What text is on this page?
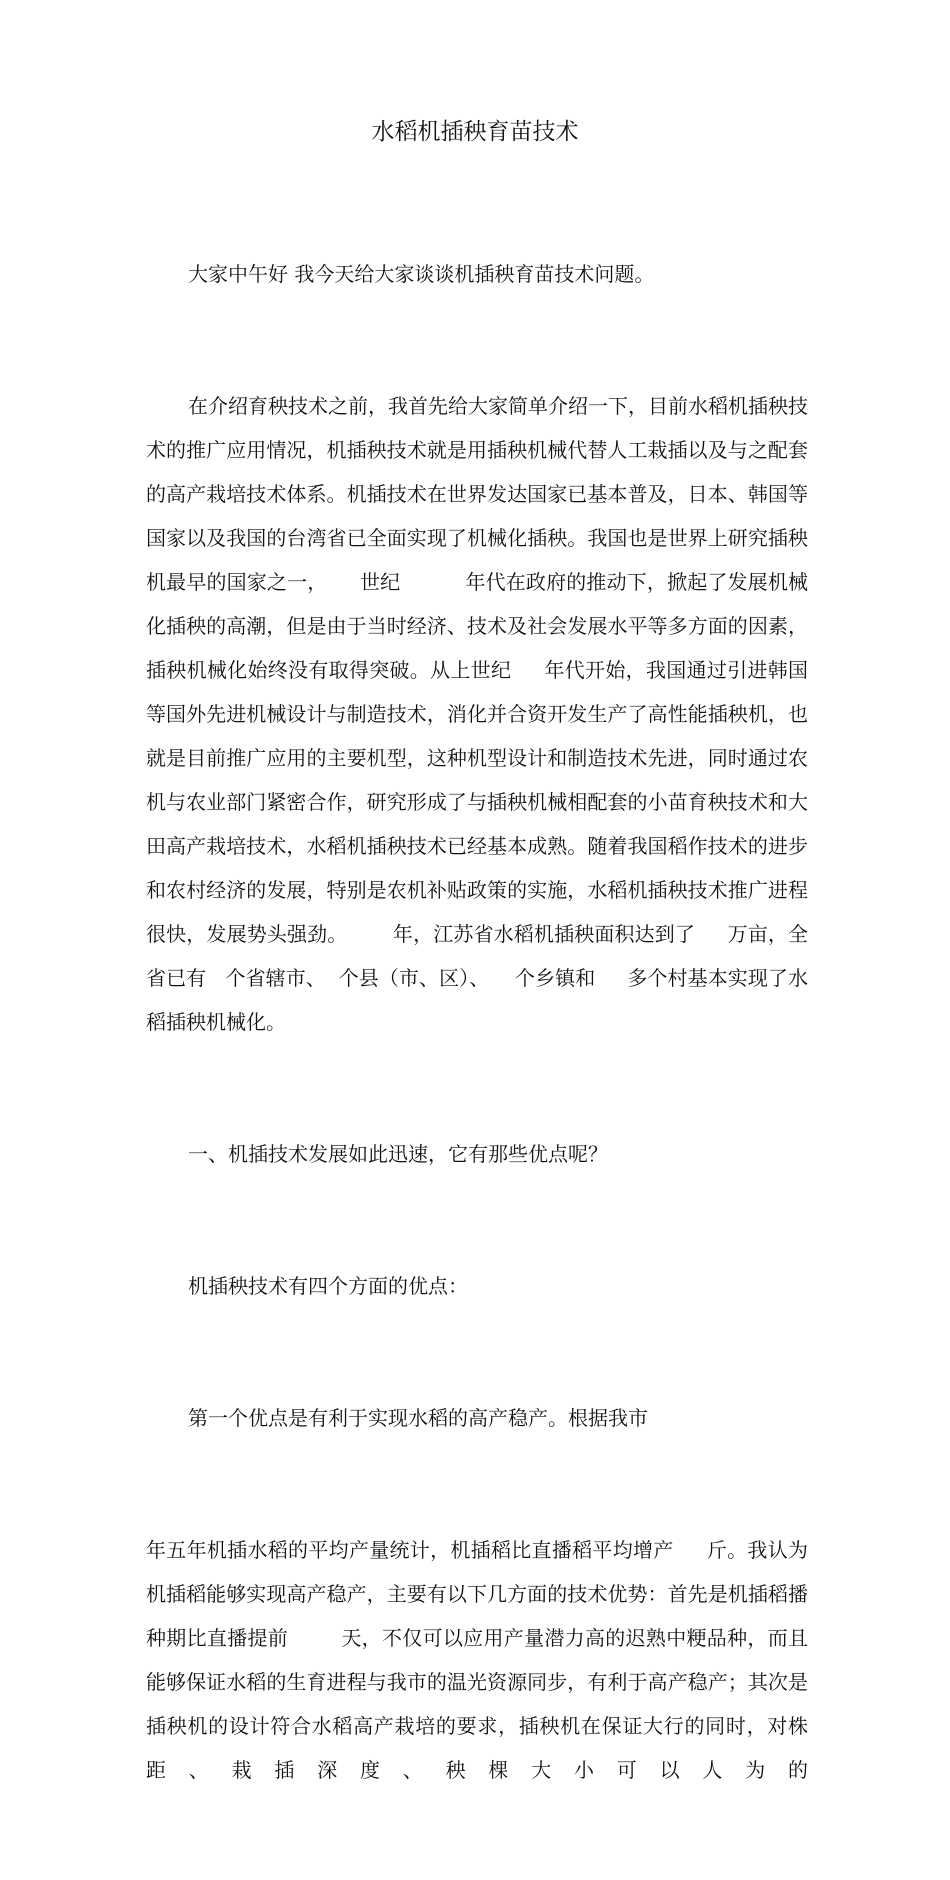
水稻机插秧育苗技术

大家中午好 我今天给大家谈谈机插秧育苗技术问题。

在介绍育秧技术之前，我首先给大家简单介绍一下，目前水稻机插秧技术的推广应用情况，机插秧技术就是用插秧机械代替人工栽插以及与之配套的高产栽培技术体系。机插技术在世界发达国家已基本普及，日本、韩国等国家以及我国的台湾省已全面实现了机械化插秧。我国也是世界上研究插秧机最早的国家之一，     世纪          年代在政府的推动下，掀起了发展机械化插秧的高潮，但是由于当时经济、技术及社会发展水平等多方面的因素，插秧机械化始终没有取得突破。从上世纪     年代开始，我国通过引进韩国等国外先进机械设计与制造技术，消化并合资开发生产了高性能插秧机，也就是目前推广应用的主要机型，这种机型设计和制造技术先进，同时通过农机与农业部门紧密合作，研究形成了与插秧机械相配套的小苗育秧技术和大田高产栽培技术，水稻机插秧技术已经基本成熟。随着我国稻作技术的进步和农村经济的发展，特别是农机补贴政策的实施，水稻机插秧技术推广进程很快，发展势头强劲。       年，江苏省水稻机插秧面积达到了     万亩，全省已有   个省辖市、  个县（市、区）、    个乡镇和     多个村基本实现了水稻插秧机械化。

一、机插技术发展如此迅速，它有那些优点呢？

机插秧技术有四个方面的优点：

第一个优点是有利于实现水稻的高产稳产。根据我市

年五年机插水稻的平均产量统计，机插稻比直播稻平均增产     斤。我认为机插稻能够实现高产稳产，主要有以下几方面的技术优势：首先是机插稻播种期比直播提前        天，不仅可以应用产量潜力高的迟熟中粳品种，而且能够保证水稻的生育进程与我市的温光资源同步，有利于高产稳产；其次是插秧机的设计符合水稻高产栽培的要求，插秧机在保证大行的同时，对株距、栽插深度、秧棵大小可以人为的
